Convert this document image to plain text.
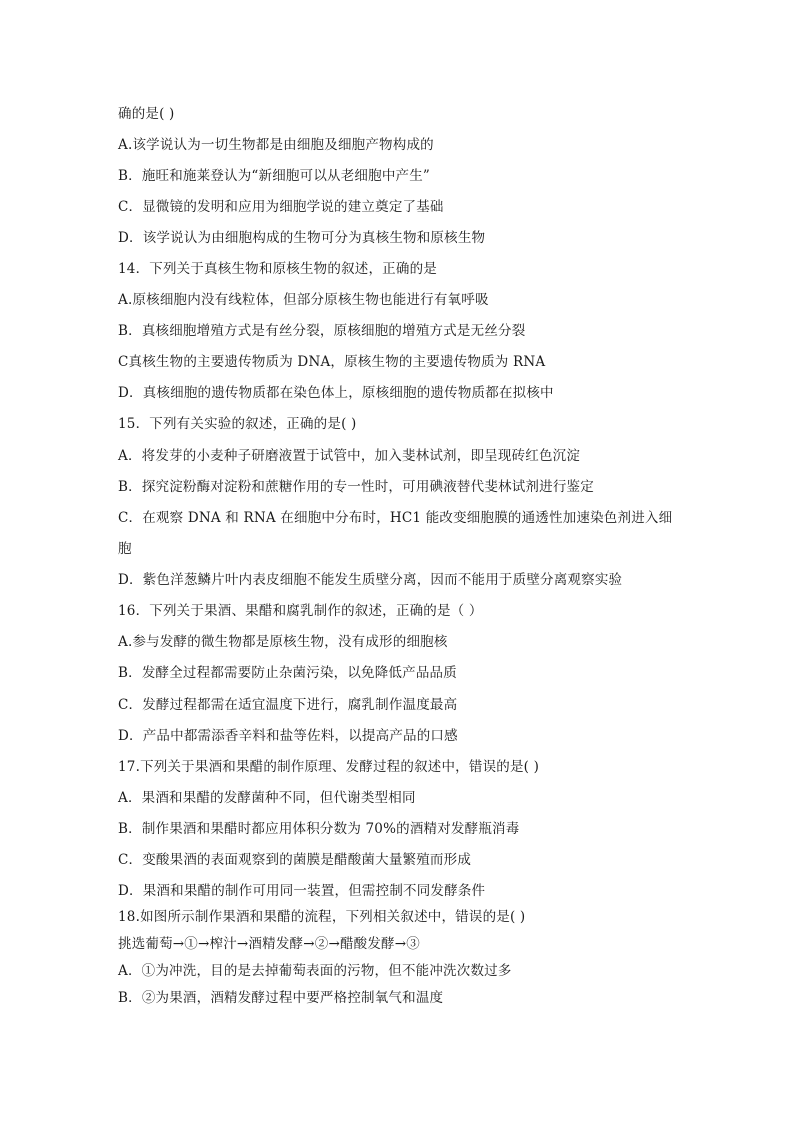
确的是( )
A.该学说认为一切生物都是由细胞及细胞产物构成的
B．施旺和施莱登认为“新细胞可以从老细胞中产生”
C．显微镜的发明和应用为细胞学说的建立奠定了基础
D．该学说认为由细胞构成的生物可分为真核生物和原核生物
14．下列关于真核生物和原核生物的叙述，正确的是
A.原核细胞内没有线粒体，但部分原核生物也能进行有氧呼吸
B．真核细胞增殖方式是有丝分裂，原核细胞的增殖方式是无丝分裂
C真核生物的主要遗传物质为 DNA，原核生物的主要遗传物质为 RNA
D．真核细胞的遗传物质都在染色体上，原核细胞的遗传物质都在拟核中
15．下列有关实验的叙述，正确的是( )
A．将发芽的小麦种子研磨液置于试管中，加入斐林试剂，即呈现砖红色沉淀
B．探究淀粉酶对淀粉和蔗糖作用的专一性时，可用碘液替代斐林试剂进行鉴定
C．在观察 DNA 和 RNA 在细胞中分布时，HC1 能改变细胞膜的通透性加速染色剂进入细
胞
D．紫色洋葱鳞片叶内表皮细胞不能发生质壁分离，因而不能用于质壁分离观察实验
16．下列关于果酒、果醋和腐乳制作的叙述，正确的是（ ）
A.参与发酵的微生物都是原核生物，没有成形的细胞核
B．发酵全过程都需要防止杂菌污染，以免降低产品品质
C．发酵过程都需在适宜温度下进行，腐乳制作温度最高
D．产品中都需添香辛料和盐等佐料，以提高产品的口感
17.下列关于果酒和果醋的制作原理、发酵过程的叙述中，错误的是( )
A．果酒和果醋的发酵菌种不同，但代谢类型相同
B．制作果酒和果醋时都应用体积分数为 70%的酒精对发酵瓶消毒
C．变酸果酒的表面观察到的菌膜是醋酸菌大量繁殖而形成
D．果酒和果醋的制作可用同一装置，但需控制不同发酵条件
18.如图所示制作果酒和果醋的流程，下列相关叙述中，错误的是( )
挑选葡萄→①→榨汁→酒精发酵→②→醋酸发酵→③
A．①为冲洗，目的是去掉葡萄表面的污物，但不能冲洗次数过多
B．②为果酒，酒精发酵过程中要严格控制氧气和温度
